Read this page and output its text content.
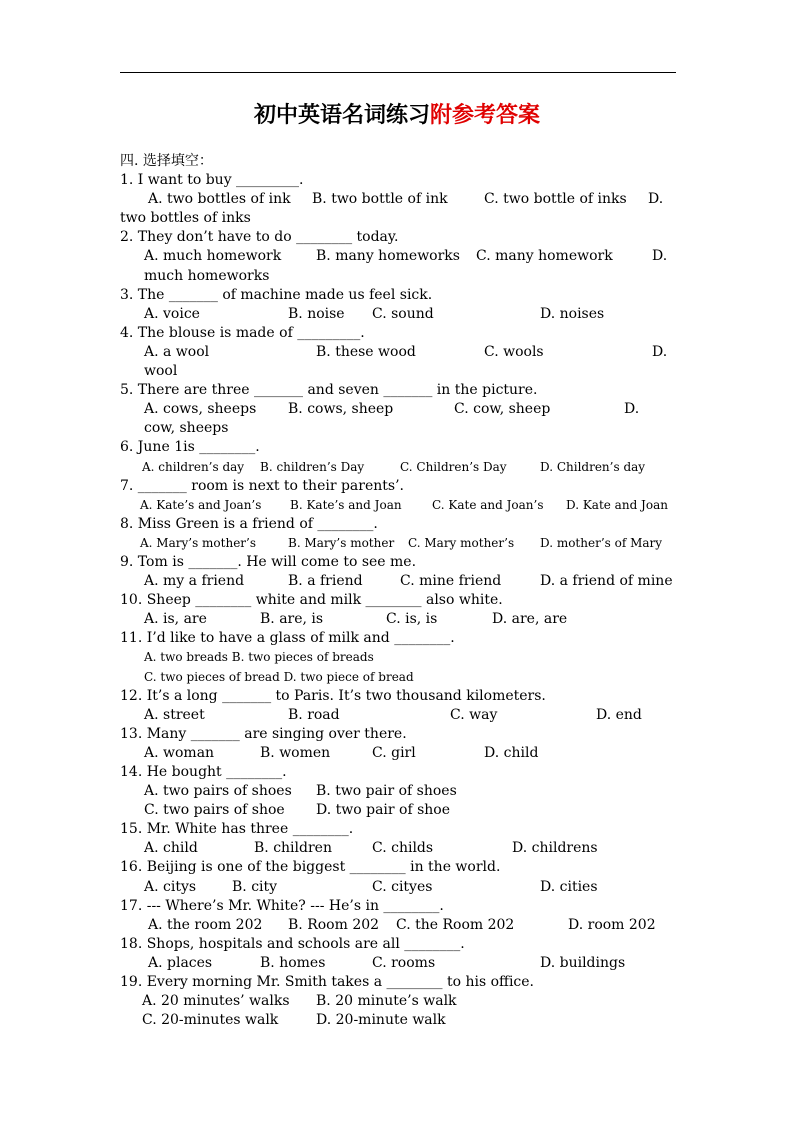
初中英语名词练习附参考答案
四. 选择填空：
1. I want to buy _________.
A. two bottles of ink B. two bottle of ink	C. two bottle of inks D.
two bottles of inks
2. They don’t have to do ________ today.
A. much homework B. many homeworks C. many homework	D.
much homeworks
3. The _______ of machine made us feel sick.
A. voice	B. noise C. sound	D. noises
4. The blouse is made of _________.
A. a wool	B. these wood	C. wools	D.
wool
5. There are three _______ and seven _______ in the picture.
A. cows, sheeps B. cows, sheep	C. cow, sheep	D.
cow, sheeps
6. June 1is ________.
A. children’s day B. children’s Day	C. Children’s Day	D. Children’s day
7. _______ room is next to their parents’.
A. Kate’s and Joan’s B. Kate’s and Joan	C. Kate and Joan’s D. Kate and Joan
8. Miss Green is a friend of ________.
A. Mary’s mother’s	B. Mary’s mother C. Mary mother’s D. mother’s of Mary
9. Tom is _______. He will come to see me.
A. my a friend	B. a friend	C. mine friend	D. a friend of mine
10. Sheep ________ white and milk ________ also white.
A. is, are	B. are, is	C. is, is	D. are, are
11. I’d like to have a glass of milk and ________.
A. two breads B. two pieces of breads
C. two pieces of bread D. two piece of bread
12. It’s a long _______ to Paris. It’s two thousand kilometers.
A. street	B. road	C. way	D. end
13. Many _______ are singing over there.
A. woman	B. women	C. girl	D. child
14. He bought ________.
A. two pairs of shoes B. two pair of shoes
C. two pairs of shoe D. two pair of shoe
15. Mr. White has three ________.
A. child	B. children	C. childs	D. childrens
16. Beijing is one of the biggest ________ in the world.
A. citys	B. city	C. cityes	D. cities
17. --- Where’s Mr. White? --- He’s in ________.
A. the room 202 B. Room 202 C. the Room 202	D. room 202
18. Shops, hospitals and schools are all ________.
A. places	B. homes	C. rooms	D. buildings
19. Every morning Mr. Smith takes a ________ to his office.
A. 20 minutes’ walks B. 20 minute’s walk
C. 20-minutes walk	D. 20-minute walk
